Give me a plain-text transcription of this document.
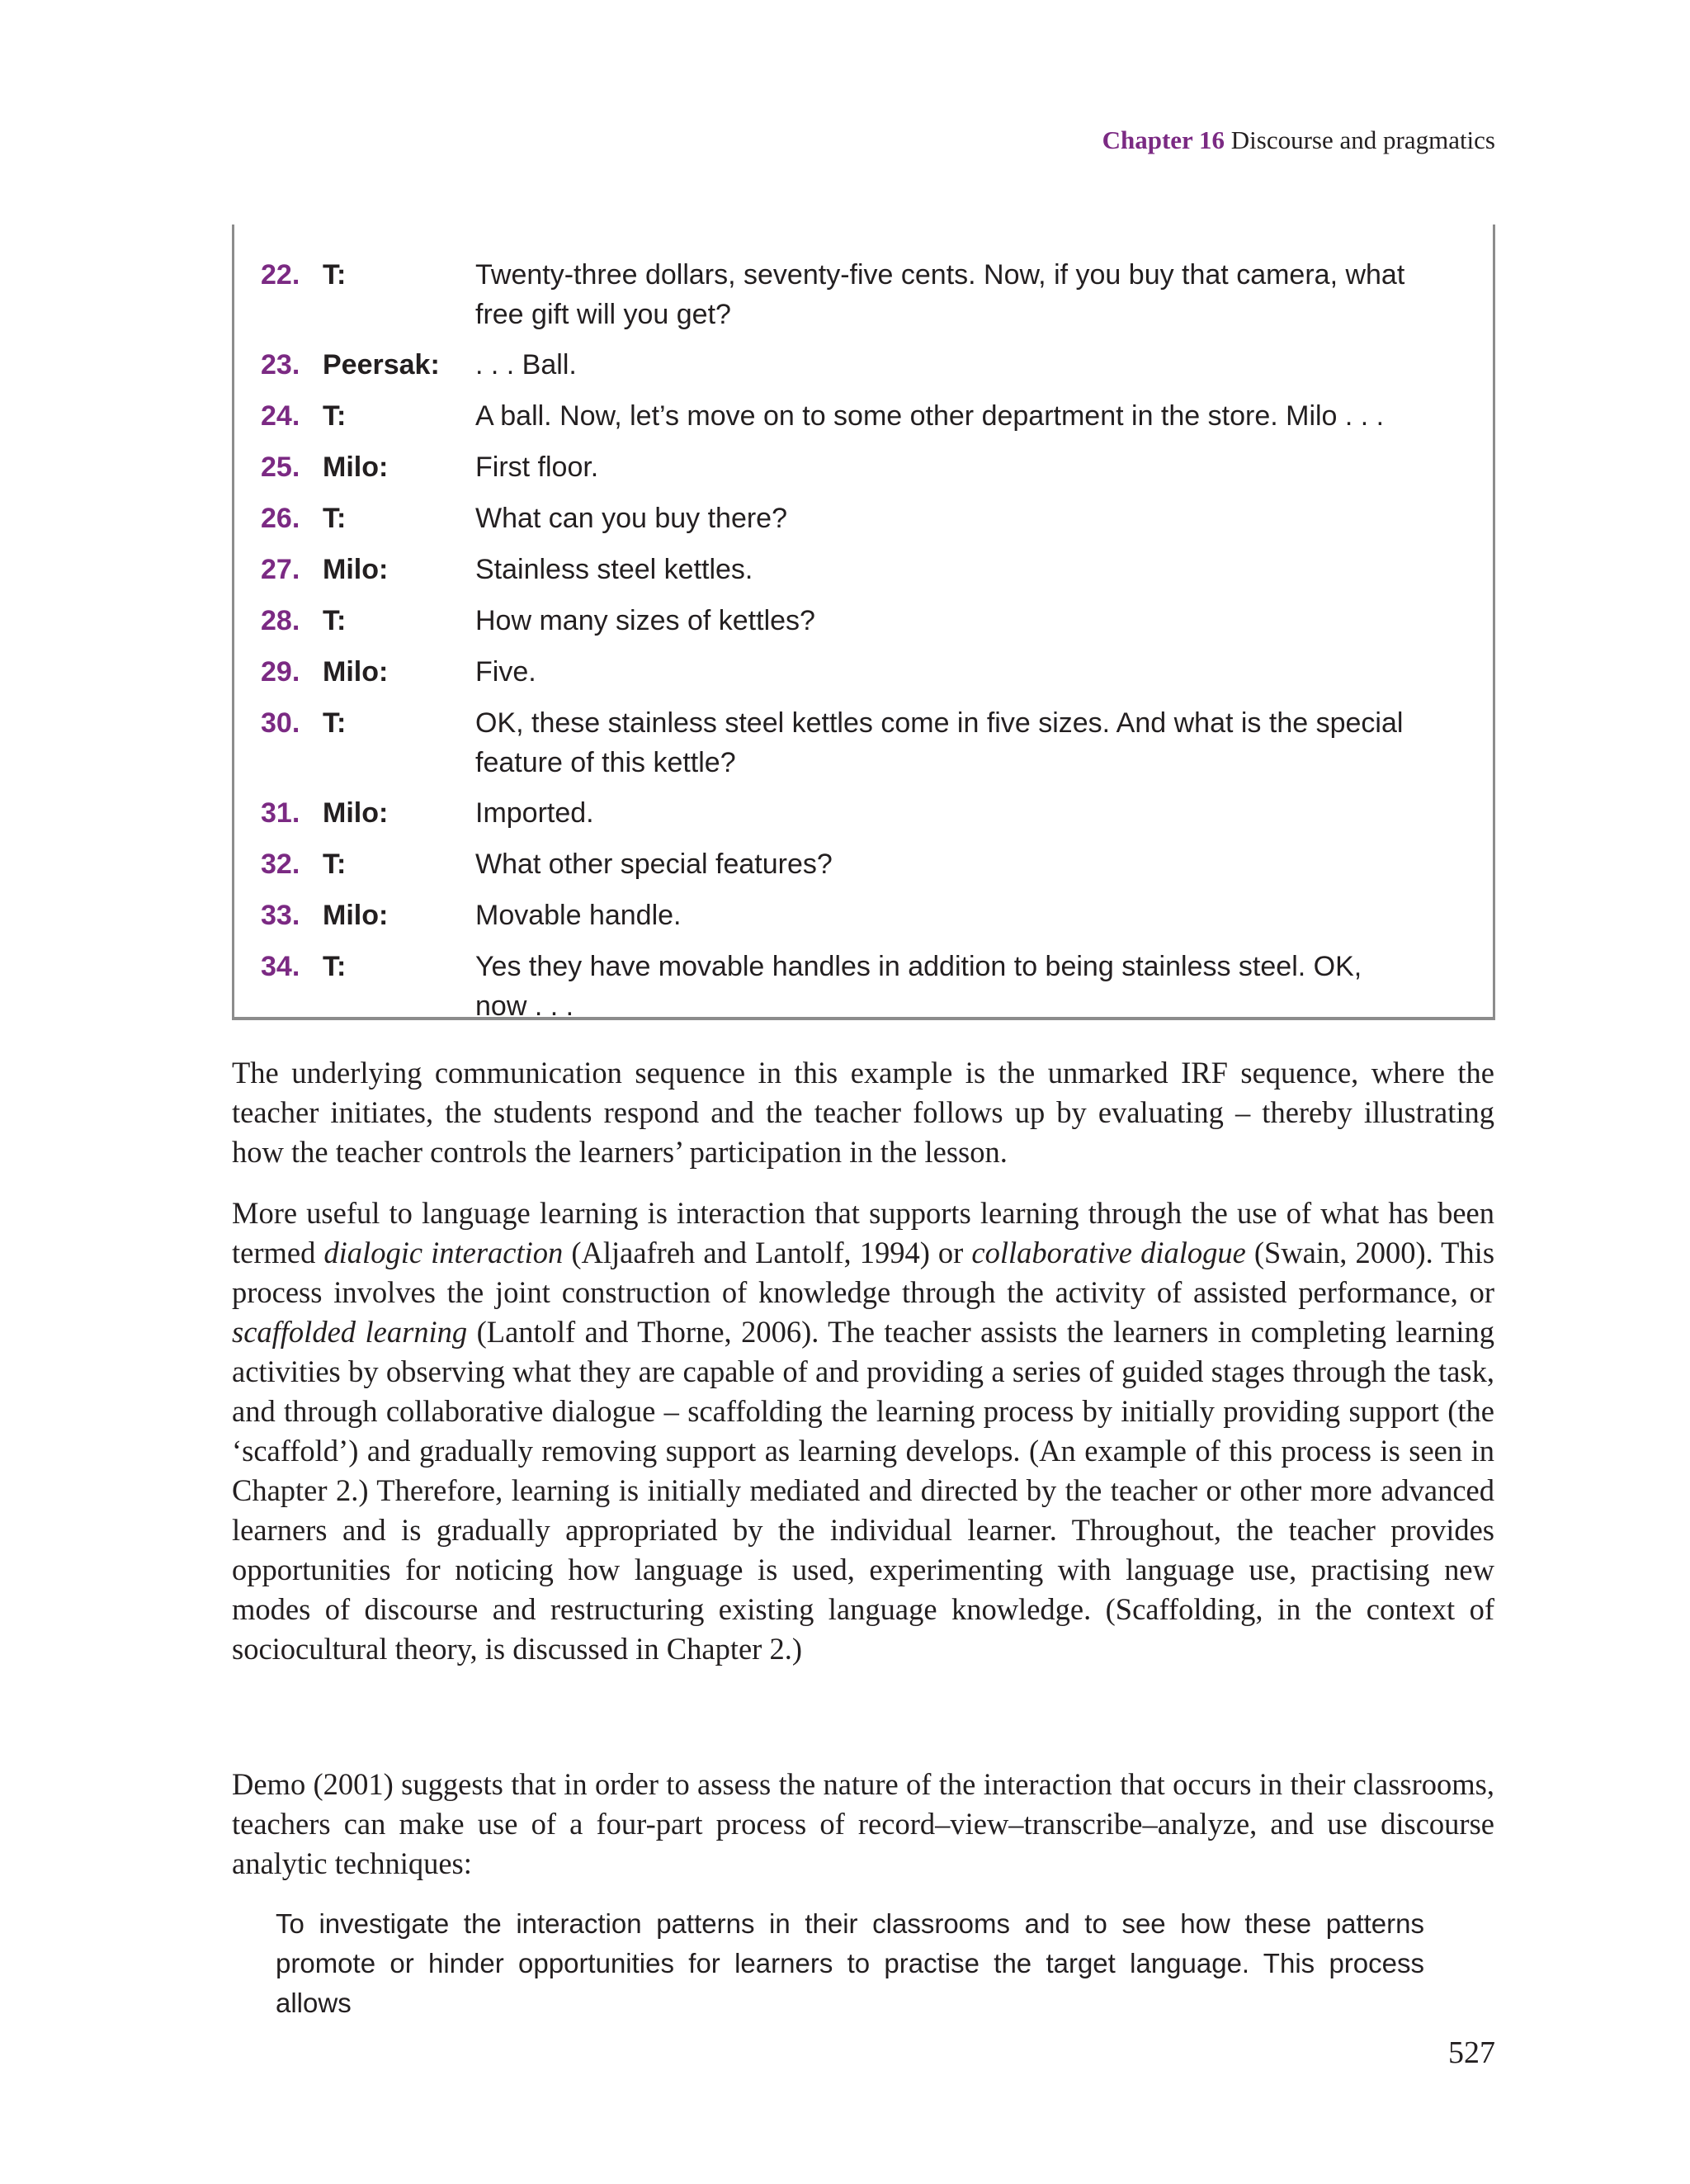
Chapter 16 Discourse and pragmatics
22. T:	Twenty-three dollars, seventy-five cents. Now, if you buy that camera, what free gift will you get?
23. Peersak: . . . Ball.
24. T:	A ball. Now, let’s move on to some other department in the store. Milo . . .
25. Milo:	First floor.
26. T:	What can you buy there?
27. Milo:	Stainless steel kettles.
28. T:	How many sizes of kettles?
29. Milo:	Five.
30. T:	OK, these stainless steel kettles come in five sizes. And what is the special feature of this kettle?
31. Milo:	Imported.
32. T:	What other special features?
33. Milo:	Movable handle.
34. T:	Yes they have movable handles in addition to being stainless steel. OK, now . . .

The underlying communication sequence in this example is the unmarked IRF sequence, where the teacher initiates, the students respond and the teacher follows up by evaluating – thereby illustrating how the teacher controls the learners’ participation in the lesson.

More useful to language learning is interaction that supports learning through the use of what has been termed dialogic interaction (Aljaafreh and Lantolf, 1994) or collaborative dialogue (Swain, 2000). This process involves the joint construction of knowledge through the activity of assisted performance, or scaffolded learning (Lantolf and Thorne, 2006). The teacher assists the learners in completing learning activities by observing what they are capable of and providing a series of guided stages through the task, and through collaborative dialogue – scaffolding the learning process by initially providing support (the ‘scaffold’) and gradually removing support as learning develops. (An example of this process is seen in Chapter 2.) Therefore, learning is initially mediated and directed by the teacher or other more advanced learners and is gradually appropriated by the individual learner. Throughout, the teacher provides opportunities for noticing how language is used, experimenting with language use, practising new modes of discourse and restructuring existing language knowledge. (Scaffolding, in the context of sociocultural theory, is discussed in Chapter 2.)

Demo (2001) suggests that in order to assess the nature of the interaction that occurs in their classrooms, teachers can make use of a four-part process of record–view–transcribe–analyze, and use discourse analytic techniques:

To investigate the interaction patterns in their classrooms and to see how these patterns promote or hinder opportunities for learners to practise the target language. This process allows

527
